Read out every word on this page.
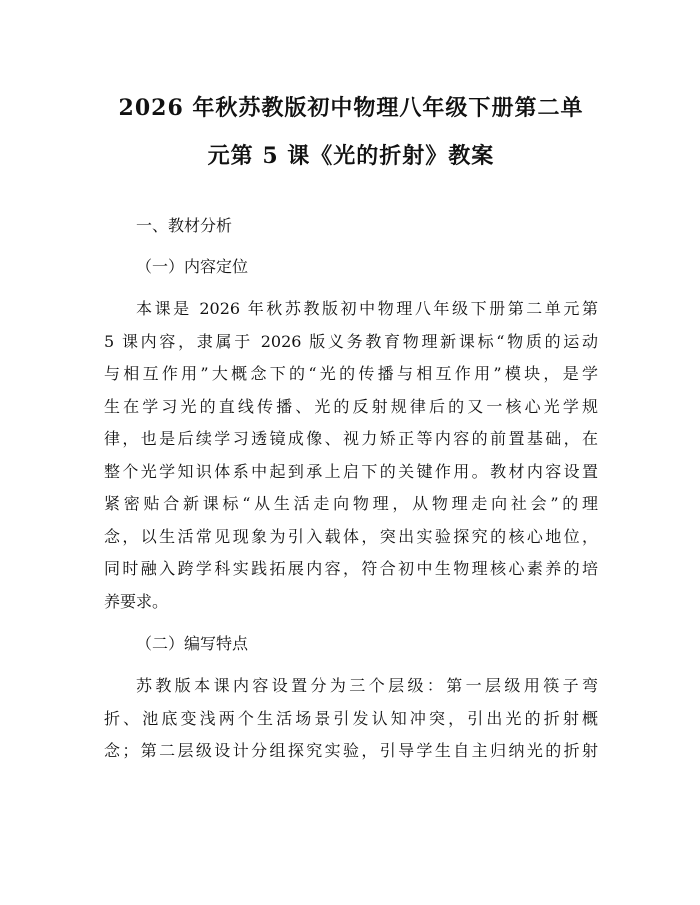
2026 年秋苏教版初中物理八年级下册第二单
元第 5 课《光的折射》教案

一、教材分析

（一）内容定位

本课是 2026 年秋苏教版初中物理八年级下册第二单元第
5 课内容，隶属于 2026 版义务教育物理新课标“物质的运动
与相互作用”大概念下的“光的传播与相互作用”模块，是学
生在学习光的直线传播、光的反射规律后的又一核心光学规
律，也是后续学习透镜成像、视力矫正等内容的前置基础，在
整个光学知识体系中起到承上启下的关键作用。教材内容设置
紧密贴合新课标“从生活走向物理，从物理走向社会”的理
念，以生活常见现象为引入载体，突出实验探究的核心地位，
同时融入跨学科实践拓展内容，符合初中生物理核心素养的培
养要求。

（二）编写特点

苏教版本课内容设置分为三个层级：第一层级用筷子弯
折、池底变浅两个生活场景引发认知冲突，引出光的折射概
念；第二层级设计分组探究实验，引导学生自主归纳光的折射
